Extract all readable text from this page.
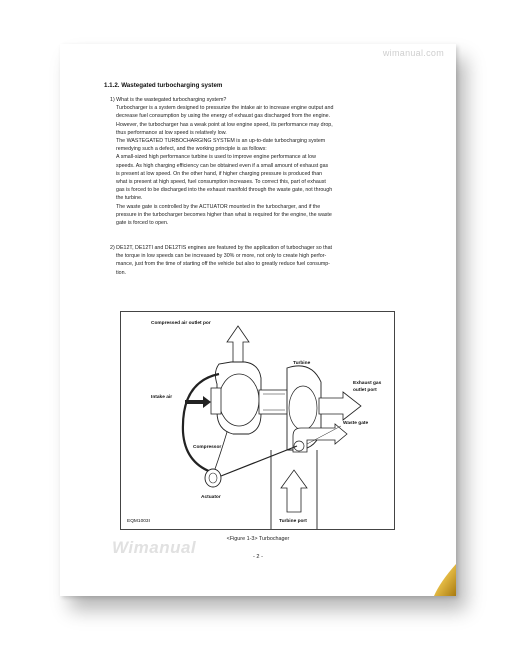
wimanual.com
1.1.2. Wastegated turbocharging system

1) What is the wastegated turbocharging system?

Turbocharger is a system designed to pressurize the intake air to increase engine output and

decrease fuel consumption by using the energy of exhaust gas discharged from the engine.

However, the turbocharger has a weak point at low engine speed, its performance may drop,

thus performance at low speed is relatively low.

The WASTEGATED TURBOCHARGING SYSTEM is an up-to-date turbocharging system

remedying such a defect, and the working principle is as follows:

A small-sized high performance turbine is used to improve engine performance at low

speeds. As high charging efficiency can be obtained even if a small amount of exhaust gas

is present at low speed. On the other hand, if higher charging pressure is produced than

what is present at high speed, fuel consumption increases. To correct this, part of exhaust

gas is forced to be discharged into the exhaust manifold through the waste gate, not through

the turbine.

The waste gate is controlled by the ACTUATOR mounted in the turbocharger, and if the

pressure in the turbocharger becomes higher than what is required for the engine, the waste

gate is forced to open.

2) DE12T, DE12TI and DE12TIS engines are featured by the application of turbochager so that

the torque in low speeds can be increased by 30% or more, not only to create high perfor-

mance, just from the time of starting off the vehicle but also to greatly reduce fuel consump-

tion.

Compressed air outlet por
Intake air
Turbine
Exhaust gas
outlet port
Waste gate
Compressor
Actuator
Turbine port
EQM1003I
Wimanual	<Figure 1-3> Turbochager
- 2 -
